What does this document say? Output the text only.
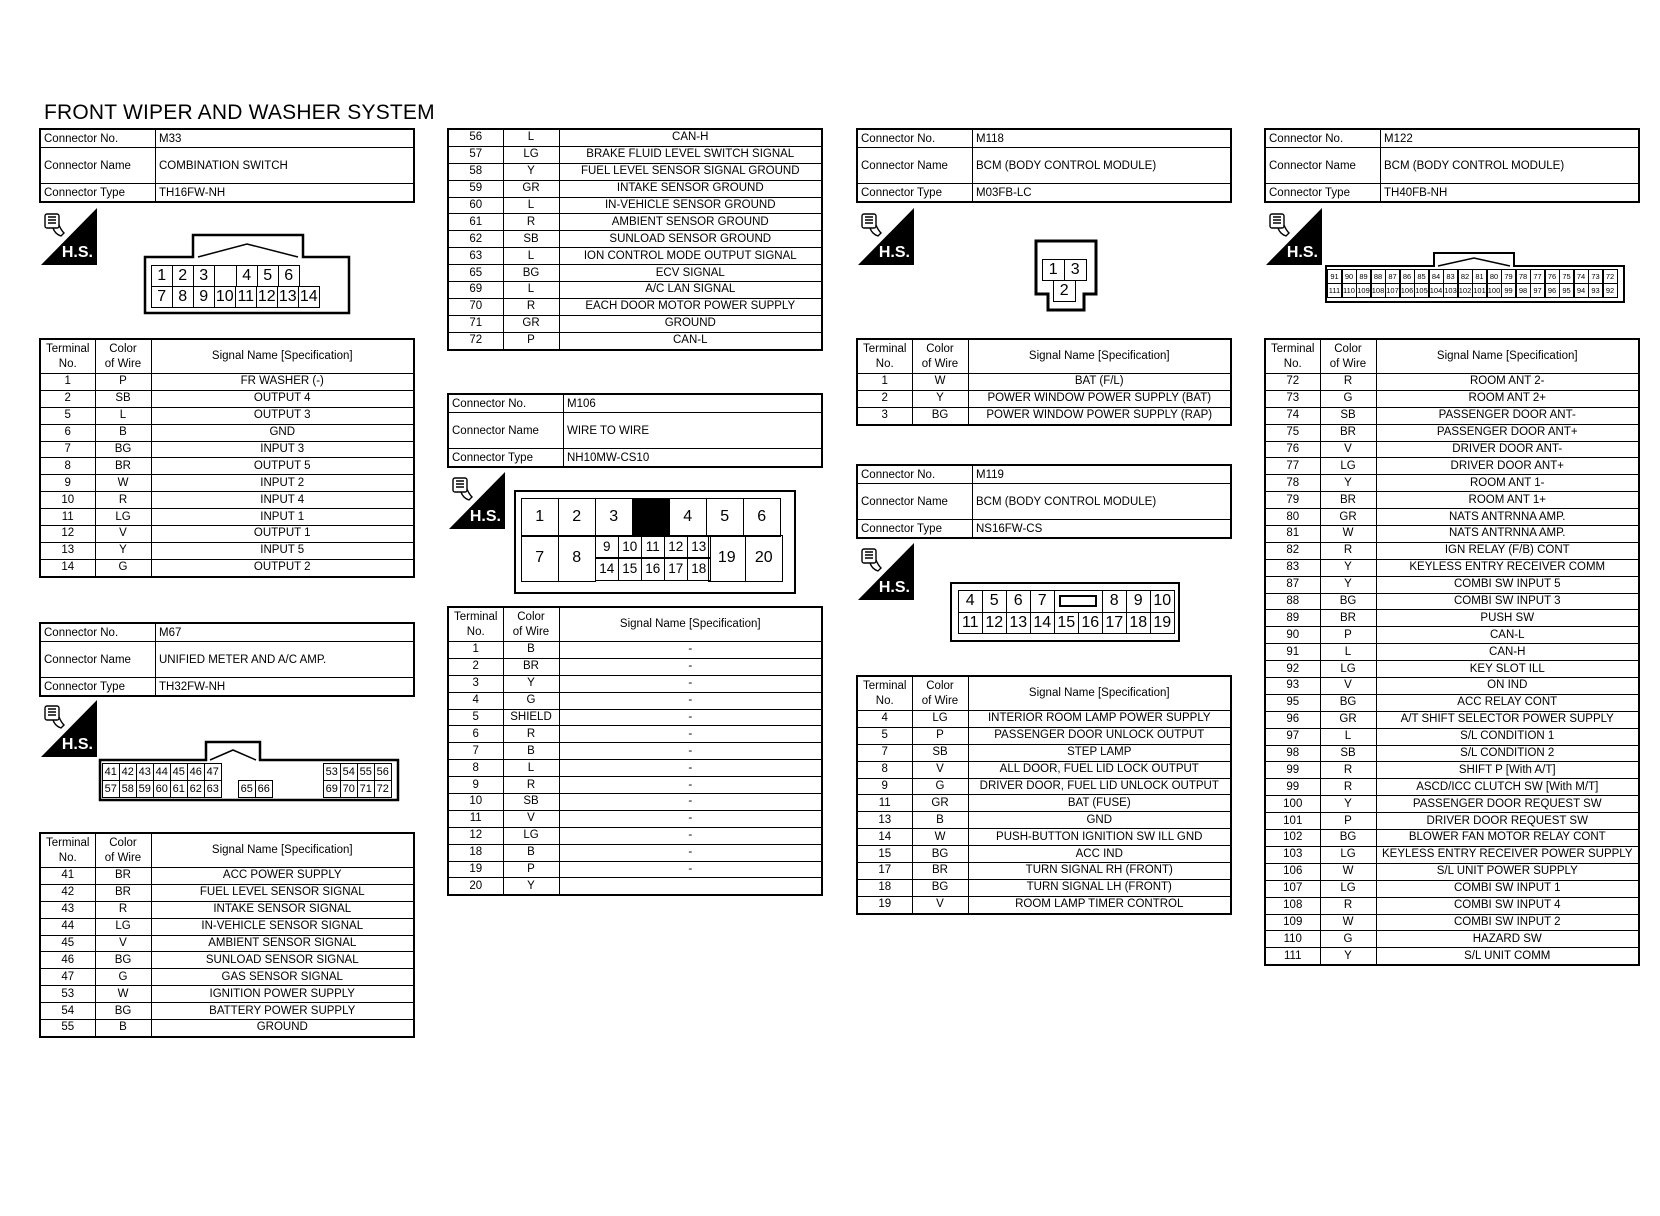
FRONT WIPER AND WASHER SYSTEM
Connector No.	M33
Connector Name	COMBINATION SWITCH
Connector Type	TH16FW-NH
H.S.
1 2 3	4 5 6
7 8 9 10 11 12 13 14
Terminal
No.	Color
of Wire	Signal Name [Specification]
1	P	FR WASHER (-)
2	SB	OUTPUT 4
5	L	OUTPUT 3
6	B	GND
7	BG	INPUT 3
8	BR	OUTPUT 5
9	W	INPUT 2
10	R	INPUT 4
11	LG	INPUT 1
12	V	OUTPUT 1
13	Y	INPUT 5
14	G	OUTPUT 2
Connector No.	M67
Connector Name	UNIFIED METER AND A/C AMP.
Connector Type	TH32FW-NH
H.S.
41 42 43 44 45 46 47	53 54 55 56
57 58 59 60 61 62 63 65 66	69 70 71 72
Terminal
No.	Color
of Wire	Signal Name [Specification]
41	BR	ACC POWER SUPPLY
42	BR	FUEL LEVEL SENSOR SIGNAL
43	R	INTAKE SENSOR SIGNAL
44	LG	IN-VEHICLE SENSOR SIGNAL
45	V	AMBIENT SENSOR SIGNAL
46	BG	SUNLOAD SENSOR SIGNAL
47	G	GAS SENSOR SIGNAL
53	W	IGNITION POWER SUPPLY
54	BG	BATTERY POWER SUPPLY
55	B	GROUND
56	L	CAN-H
57	LG	BRAKE FLUID LEVEL SWITCH SIGNAL
58	Y	FUEL LEVEL SENSOR SIGNAL GROUND
59	GR	INTAKE SENSOR GROUND
60	L	IN-VEHICLE SENSOR GROUND
61	R	AMBIENT SENSOR GROUND
62	SB	SUNLOAD SENSOR GROUND
63	L	ION CONTROL MODE OUTPUT SIGNAL
65	BG	ECV SIGNAL
69	L	A/C LAN SIGNAL
70	R	EACH DOOR MOTOR POWER SUPPLY
71	GR	GROUND
72	P	CAN-L
Connector No.	M106
Connector Name	WIRE TO WIRE
Connector Type	NH10MW-CS10
H.S.	1	2	3	4	5	6
7	8
9 10 11 12 13
14 15 16 17 18
19	20
Terminal
No.	Color
of Wire	Signal Name [Specification]
1	B	-
2	BR	-
3	Y	-
4	G	-
5	SHIELD	-
6	R	-
7	B	-
8	L	-
9	R	-
10	SB	-
11	V	-
12	LG	-
18	B	-
19	P	-
20	Y	
Connector No.	M118
Connector Name	BCM (BODY CONTROL MODULE)
Connector Type	M03FB-LC
H.S.
1 3
2
Terminal
No.	Color
of Wire	Signal Name [Specification]
1	W	BAT (F/L)
2	Y	POWER WINDOW POWER SUPPLY (BAT)
3	BG	POWER WINDOW POWER SUPPLY (RAP)
Connector No.	M119
Connector Name	BCM (BODY CONTROL MODULE)
Connector Type	NS16FW-CS
H.S.
4 5 6 7	8 9 10
11 12 13 14 15 16 17 18 19
Terminal
No.	Color
of Wire	Signal Name [Specification]
4	LG	INTERIOR ROOM LAMP POWER SUPPLY
5	P	PASSENGER DOOR UNLOCK OUTPUT
7	SB	STEP LAMP
8	V	ALL DOOR, FUEL LID LOCK OUTPUT
9	G	DRIVER DOOR, FUEL LID UNLOCK OUTPUT
11	GR	BAT (FUSE)
13	B	GND
14	W	PUSH-BUTTON IGNITION SW ILL GND
15	BG	ACC IND
17	BR	TURN SIGNAL RH (FRONT)
18	BG	TURN SIGNAL LH (FRONT)
19	V	ROOM LAMP TIMER CONTROL
Connector No.	M122
Connector Name	BCM (BODY CONTROL MODULE)
Connector Type	TH40FB-NH
H.S.
91 90 89 88 87 86 85 84 83 82 81 80 79 78 77 76 75 74 73 72
111 110 109 108 107 106 105 104 103 102 101 100 99 98 97 96 95 94 93 92
Terminal
No.	Color
of Wire	Signal Name [Specification]
72	R	ROOM ANT 2-
73	G	ROOM ANT 2+
74	SB	PASSENGER DOOR ANT-
75	BR	PASSENGER DOOR ANT+
76	V	DRIVER DOOR ANT-
77	LG	DRIVER DOOR ANT+
78	Y	ROOM ANT 1-
79	BR	ROOM ANT 1+
80	GR	NATS ANTRNNA AMP.
81	W	NATS ANTRNNA AMP.
82	R	IGN RELAY (F/B) CONT
83	Y	KEYLESS ENTRY RECEIVER COMM
87	Y	COMBI SW INPUT 5
88	BG	COMBI SW INPUT 3
89	BR	PUSH SW
90	P	CAN-L
91	L	CAN-H
92	LG	KEY SLOT ILL
93	V	ON IND
95	BG	ACC RELAY CONT
96	GR	A/T SHIFT SELECTOR POWER SUPPLY
97	L	S/L CONDITION 1
98	SB	S/L CONDITION 2
99	R	SHIFT P [With A/T]
99	R	ASCD/ICC CLUTCH SW [With M/T]
100	Y	PASSENGER DOOR REQUEST SW
101	P	DRIVER DOOR REQUEST SW
102	BG	BLOWER FAN MOTOR RELAY CONT
103	LG	KEYLESS ENTRY RECEIVER POWER SUPPLY
106	W	S/L UNIT POWER SUPPLY
107	LG	COMBI SW INPUT 1
108	R	COMBI SW INPUT 4
109	W	COMBI SW INPUT 2
110	G	HAZARD SW
111	Y	S/L UNIT COMM
